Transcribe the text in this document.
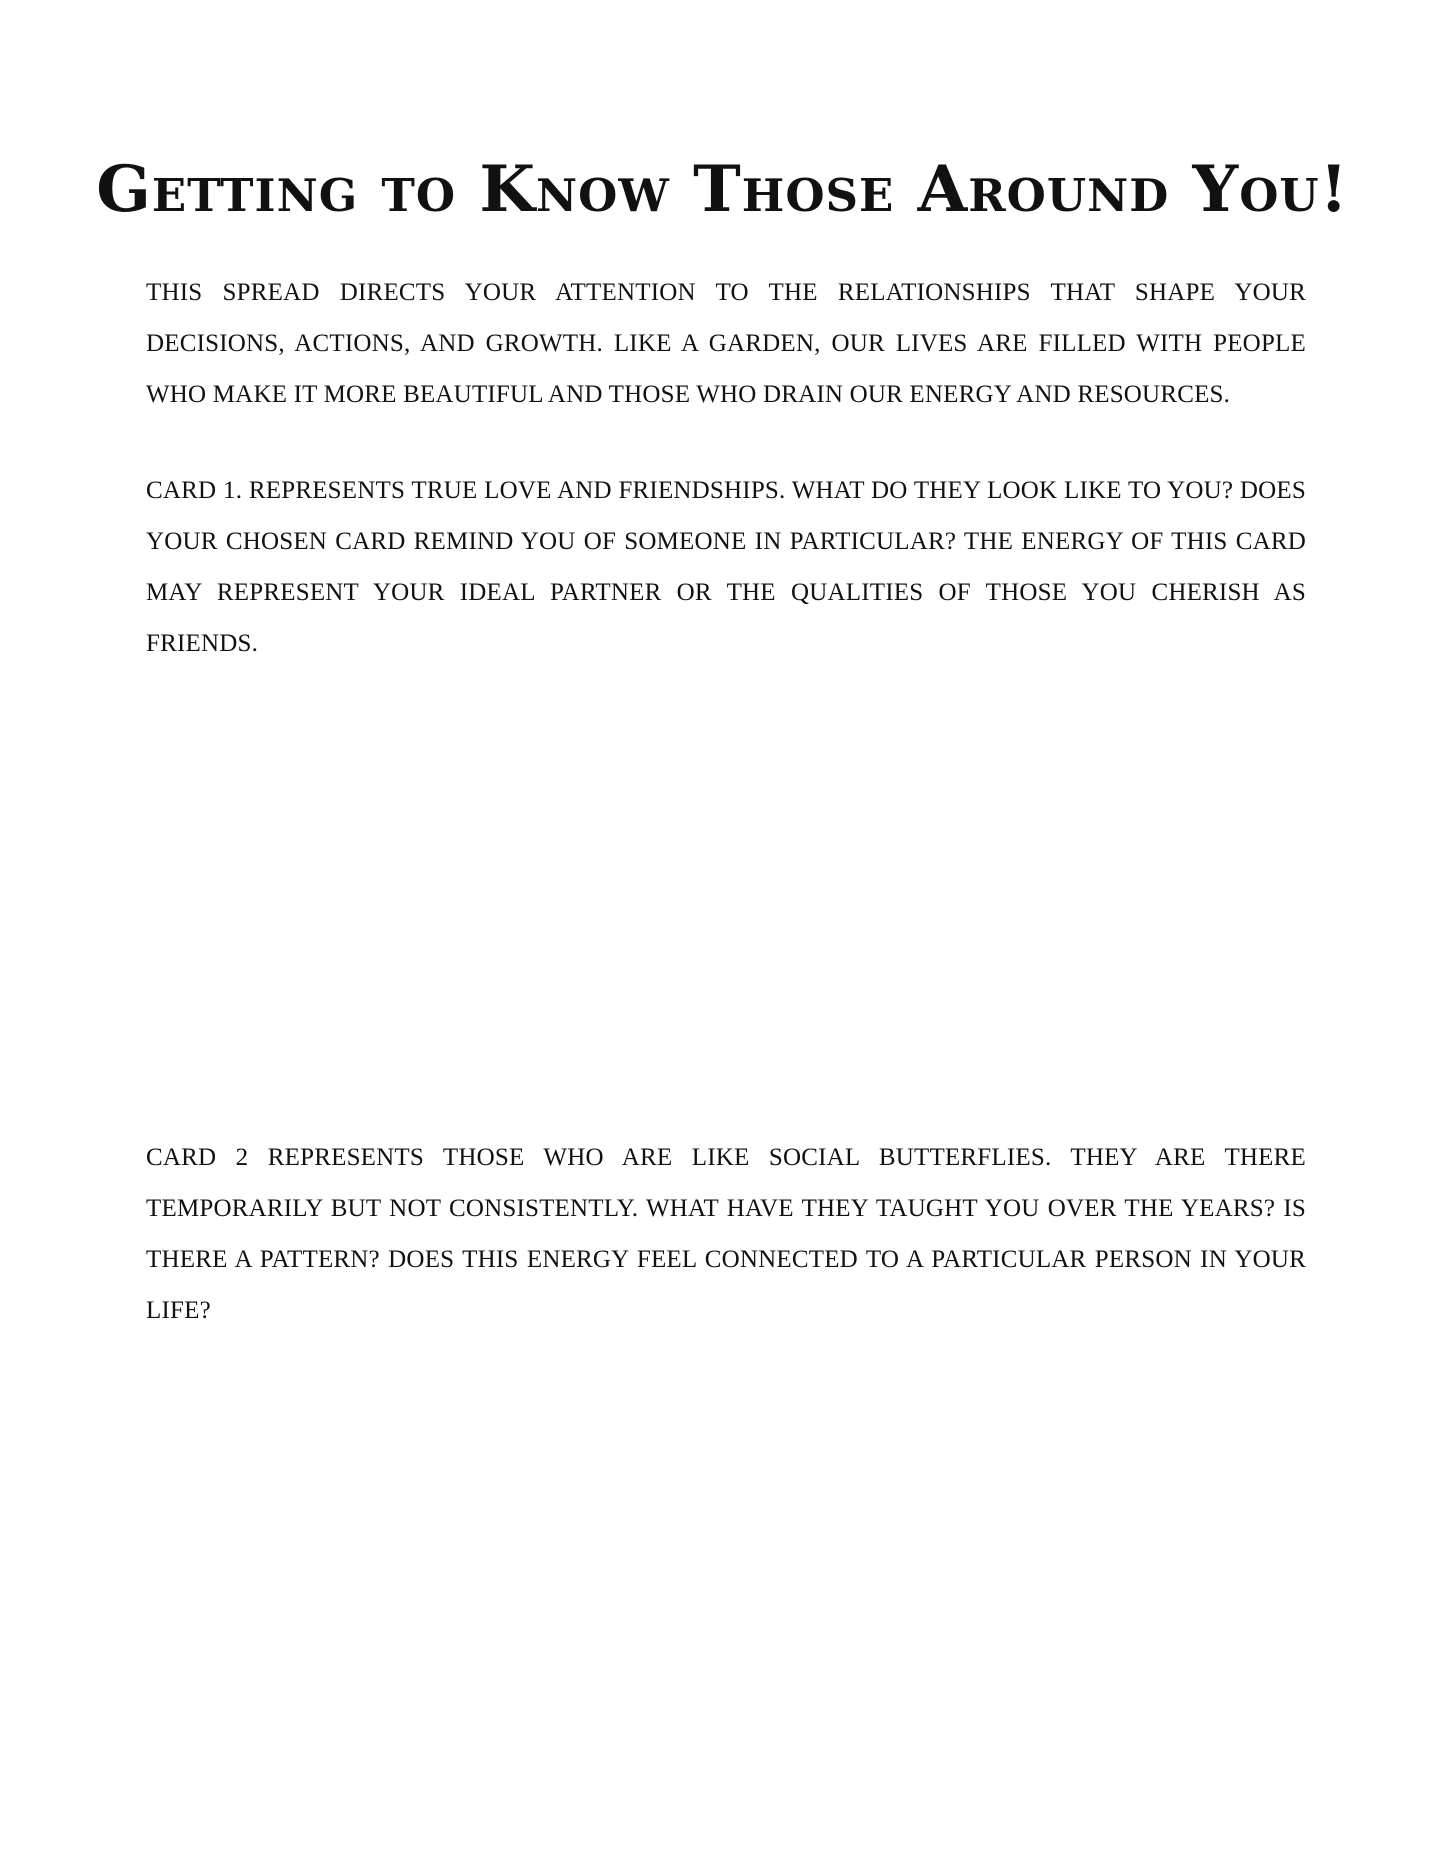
Getting to Know Those Around You!

THIS SPREAD DIRECTS YOUR ATTENTION TO THE RELATIONSHIPS THAT SHAPE YOUR DECISIONS, ACTIONS, AND GROWTH. LIKE A GARDEN, OUR LIVES ARE FILLED WITH PEOPLE WHO MAKE IT MORE BEAUTIFUL AND THOSE WHO DRAIN OUR ENERGY AND RESOURCES.

CARD 1. REPRESENTS TRUE LOVE AND FRIENDSHIPS. WHAT DO THEY LOOK LIKE TO YOU? DOES YOUR CHOSEN CARD REMIND YOU OF SOMEONE IN PARTICULAR? THE ENERGY OF THIS CARD MAY REPRESENT YOUR IDEAL PARTNER OR THE QUALITIES OF THOSE YOU CHERISH AS FRIENDS.

CARD 2 REPRESENTS THOSE WHO ARE LIKE SOCIAL BUTTERFLIES. THEY ARE THERE TEMPORARILY BUT NOT CONSISTENTLY. WHAT HAVE THEY TAUGHT YOU OVER THE YEARS? IS THERE A PATTERN? DOES THIS ENERGY FEEL CONNECTED TO A PARTICULAR PERSON IN YOUR LIFE?
